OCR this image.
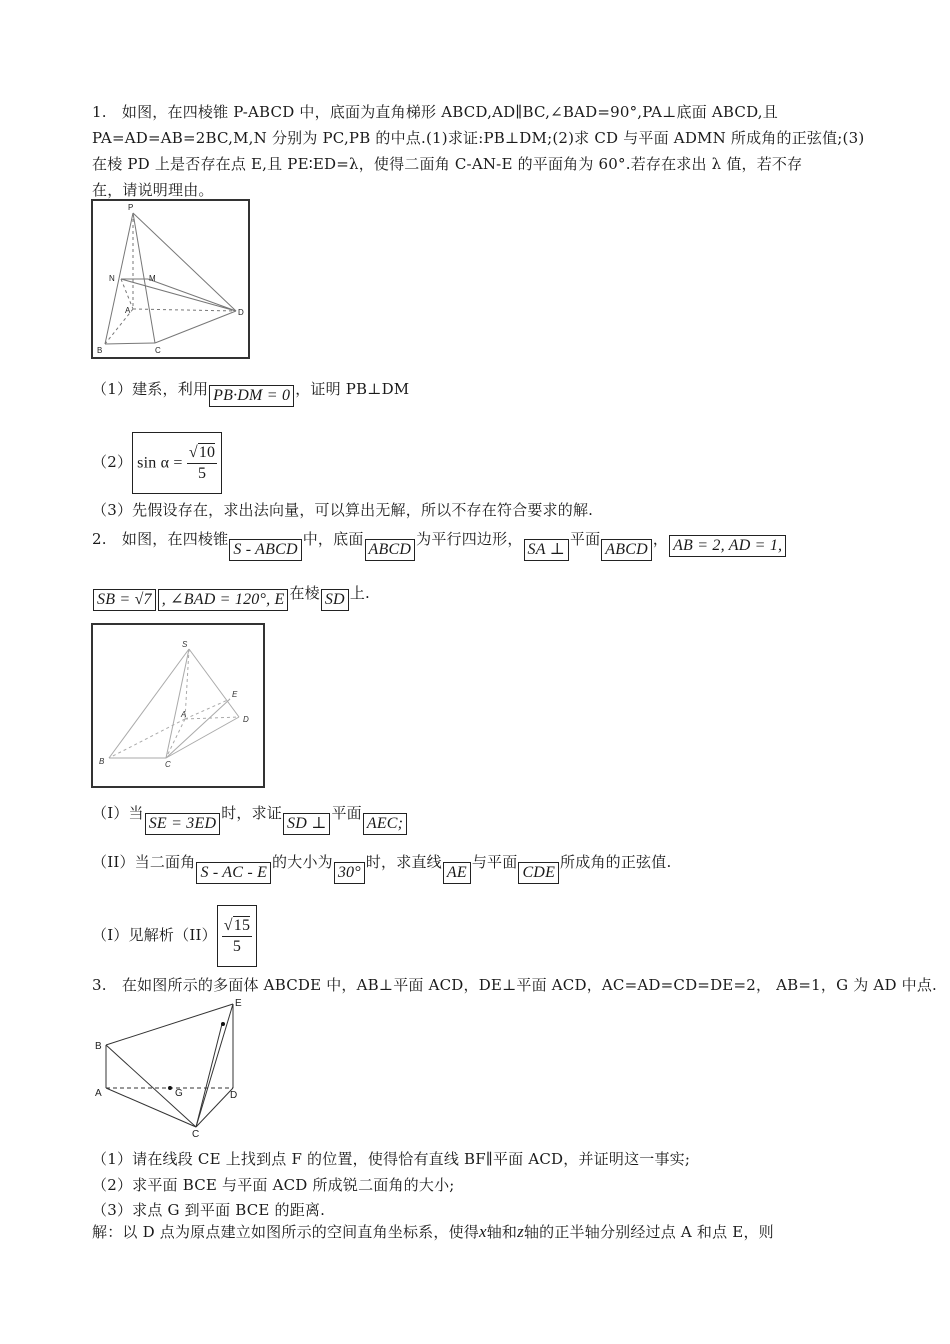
1.　如图，在四棱锥 P-ABCD 中，底面为直角梯形 ABCD,AD∥BC,∠BAD=90°,PA⊥底面 ABCD,且
PA=AD=AB=2BC,M,N 分别为 PC,PB 的中点.(1)求证:PB⊥DM;(2)求 CD 与平面 ADMN 所成角的正弦值;(3)
在棱 PD 上是否存在点 E,且 PE∶ED=λ，使得二面角 C-AN-E 的平面角为 60°.若存在求出 λ 值，若不存
在，请说明理由。
P
N	M
A	D
B	C
（1）建系，利用 PB·DM = 0 ，证明 PB⊥DM
（2） $\sin \alpha = \frac{√10}{5}$
（3）先假设存在，求出法向量，可以算出无解，所以不存在符合要求的解.
2.　如图，在四棱锥S - ABCD中，底面ABCD为平行四边形，SA ⊥平面ABCD， AB = 2, AD = 1,
SB = √7 , ∠BAD = 120°, E 在棱 SD 上.
S
E
A
D
B	C
（I）当SE = 3ED时，求证SD ⊥平面AEC;
（II）当二面角S - AC - E的大小为30°时，求直线AE与平面CDE所成角的正弦值.
（I）见解析$(II) \frac{√15}{5}$
3.　在如图所示的多面体 ABCDE 中，AB⊥平面 ACD，DE⊥平面 ACD，AC=AD=CD=DE=2， AB=1，G 为 AD 中点.
E
B
A	G	D
C
（1）请在线段 CE 上找到点 F 的位置，使得恰有直线 BF∥平面 ACD，并证明这一事实;
（2）求平面 BCE 与平面 ACD 所成锐二面角的大小;
（3）求点 G 到平面 BCE 的距离.
解：以 D 点为原点建立如图所示的空间直角坐标系，使得x轴和z轴的正半轴分别经过点 A 和点 E，则
